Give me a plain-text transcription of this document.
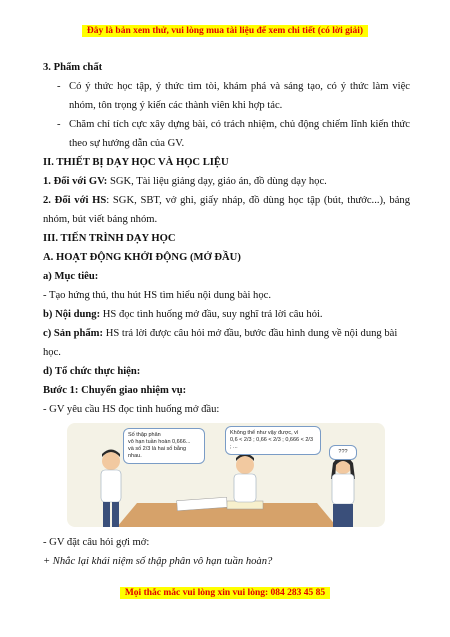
Đây là bản xem thử, vui lòng mua tài liệu để xem chi tiết (có lời giải)

3. Phẩm chất

- Có ý thức học tập, ý thức tìm tòi, khám phá và sáng tạo, có ý thức làm việc nhóm, tôn trọng ý kiến các thành viên khi hợp tác.

- Chăm chỉ tích cực xây dựng bài, có trách nhiệm, chủ động chiếm lĩnh kiến thức theo sự hướng dẫn của GV.

II. THIẾT BỊ DẠY HỌC VÀ HỌC LIỆU

1. Đối với GV: SGK, Tài liệu giảng dạy, giáo án, đồ dùng dạy học.

2. Đối với HS: SGK, SBT, vở ghi, giấy nháp, đồ dùng học tập (bút, thước...), bảng nhóm, bút viết bảng nhóm.

III. TIẾN TRÌNH DẠY HỌC

A. HOẠT ĐỘNG KHỞI ĐỘNG (MỞ ĐẦU)

a) Mục tiêu:

- Tạo hứng thú, thu hút HS tìm hiểu nội dung bài học.

b) Nội dung: HS đọc tình huống mở đầu, suy nghĩ trả lời câu hỏi.

c) Sản phẩm: HS trả lời được câu hỏi mở đầu, bước đầu hình dung về nội dung bài học.

d) Tổ chức thực hiện:

Bước 1: Chuyển giao nhiệm vụ:

- GV yêu cầu HS đọc tình huống mở đầu:

Số thập phân
vô hạn tuần hoàn 0,666...
và số 2/3 là hai số bằng nhau.
Không thể như vậy được, vì
0,6 < 2/3 ; 0,66 < 2/3 ; 0,666 < 2/3 ; ...
???

- GV đặt câu hỏi gợi mở:

+ Nhắc lại khái niệm số thập phân vô hạn tuần hoàn?

Mọi thắc mắc vui lòng xin vui lòng: 084 283 45 85
